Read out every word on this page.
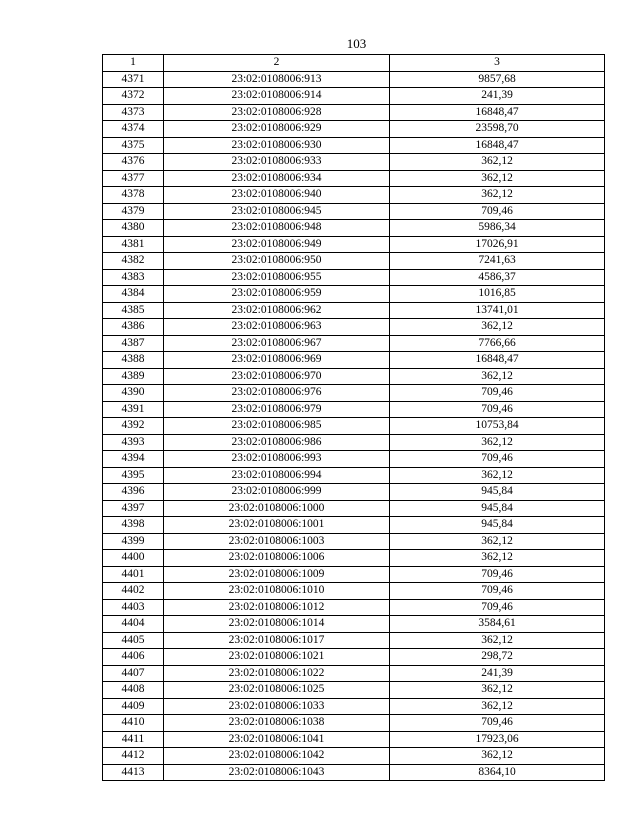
103
1	2	3
4371	23:02:0108006:913	9857,68
4372	23:02:0108006:914	241,39
4373	23:02:0108006:928	16848,47
4374	23:02:0108006:929	23598,70
4375	23:02:0108006:930	16848,47
4376	23:02:0108006:933	362,12
4377	23:02:0108006:934	362,12
4378	23:02:0108006:940	362,12
4379	23:02:0108006:945	709,46
4380	23:02:0108006:948	5986,34
4381	23:02:0108006:949	17026,91
4382	23:02:0108006:950	7241,63
4383	23:02:0108006:955	4586,37
4384	23:02:0108006:959	1016,85
4385	23:02:0108006:962	13741,01
4386	23:02:0108006:963	362,12
4387	23:02:0108006:967	7766,66
4388	23:02:0108006:969	16848,47
4389	23:02:0108006:970	362,12
4390	23:02:0108006:976	709,46
4391	23:02:0108006:979	709,46
4392	23:02:0108006:985	10753,84
4393	23:02:0108006:986	362,12
4394	23:02:0108006:993	709,46
4395	23:02:0108006:994	362,12
4396	23:02:0108006:999	945,84
4397	23:02:0108006:1000	945,84
4398	23:02:0108006:1001	945,84
4399	23:02:0108006:1003	362,12
4400	23:02:0108006:1006	362,12
4401	23:02:0108006:1009	709,46
4402	23:02:0108006:1010	709,46
4403	23:02:0108006:1012	709,46
4404	23:02:0108006:1014	3584,61
4405	23:02:0108006:1017	362,12
4406	23:02:0108006:1021	298,72
4407	23:02:0108006:1022	241,39
4408	23:02:0108006:1025	362,12
4409	23:02:0108006:1033	362,12
4410	23:02:0108006:1038	709,46
4411	23:02:0108006:1041	17923,06
4412	23:02:0108006:1042	362,12
4413	23:02:0108006:1043	8364,10
